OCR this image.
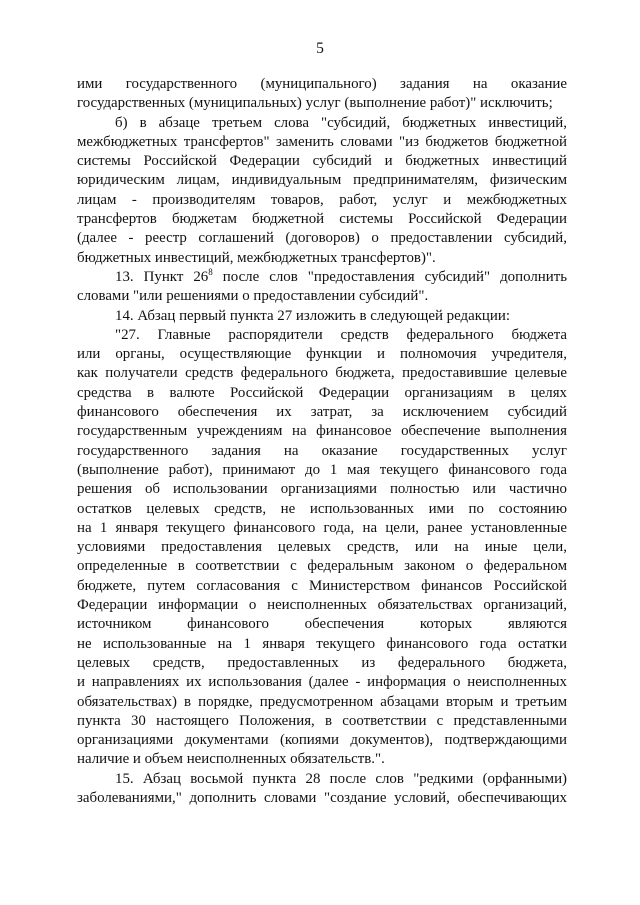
5
ими государственного (муниципального) задания на оказание
государственных (муниципальных) услуг (выполнение работ)" исключить;
б) в абзаце третьем слова "субсидий, бюджетных инвестиций,
межбюджетных трансфертов" заменить словами "из бюджетов бюджетной
системы Российской Федерации субсидий и бюджетных инвестиций
юридическим лицам, индивидуальным предпринимателям, физическим
лицам - производителям товаров, работ, услуг и межбюджетных
трансфертов бюджетам бюджетной системы Российской Федерации
(далее - реестр соглашений (договоров) о предоставлении субсидий,
бюджетных инвестиций, межбюджетных трансфертов)".
13. Пункт $26^8$ после слов "предоставления субсидий" дополнить
словами "или решениями о предоставлении субсидий".
14. Абзац первый пункта 27 изложить в следующей редакции:
"27. Главные распорядители средств федерального бюджета
или органы, осуществляющие функции и полномочия учредителя,
как получатели средств федерального бюджета, предоставившие целевые
средства в валюте Российской Федерации организациям в целях
финансового обеспечения их затрат, за исключением субсидий
государственным учреждениям на финансовое обеспечение выполнения
государственного задания на оказание государственных услуг
(выполнение работ), принимают до 1 мая текущего финансового года
решения об использовании организациями полностью или частично
остатков целевых средств, не использованных ими по состоянию
на 1 января текущего финансового года, на цели, ранее установленные
условиями предоставления целевых средств, или на иные цели,
определенные в соответствии с федеральным законом о федеральном
бюджете, путем согласования с Министерством финансов Российской
Федерации информации о неисполненных обязательствах организаций,
источником финансового обеспечения которых являются
не использованные на 1 января текущего финансового года остатки
целевых средств, предоставленных из федерального бюджета,
и направлениях их использования (далее - информация о неисполненных
обязательствах) в порядке, предусмотренном абзацами вторым и третьим
пункта 30 настоящего Положения, в соответствии с представленными
организациями документами (копиями документов), подтверждающими
наличие и объем неисполненных обязательств.".
15. Абзац восьмой пункта 28 после слов "редкими (орфанными)
заболеваниями," дополнить словами "создание условий, обеспечивающих
